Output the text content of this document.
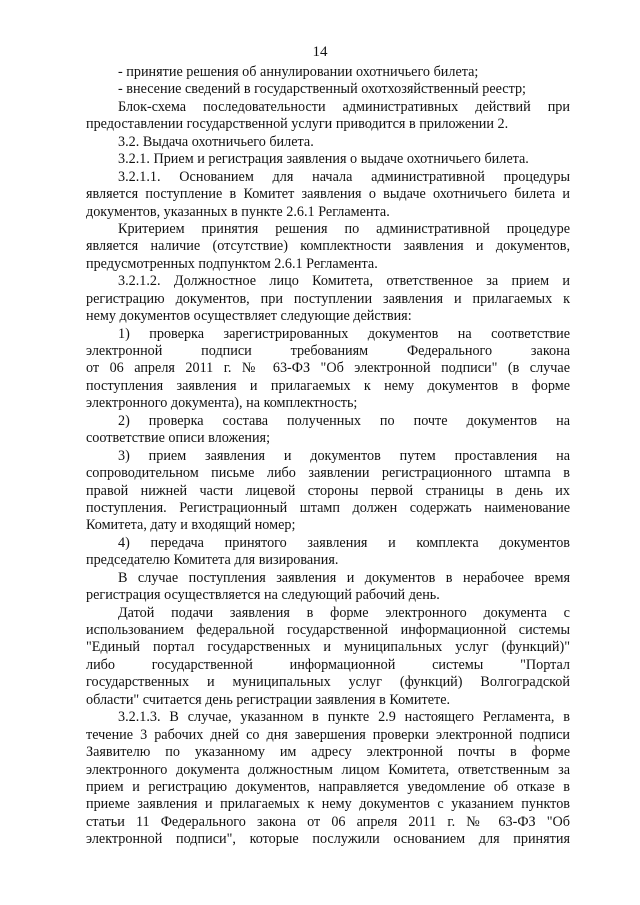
14
- принятие решения об аннулировании охотничьего билета;
- внесение сведений в государственный охотхозяйственный реестр;
Блок-схема последовательности административных действий при
предоставлении государственной услуги приводится в приложении 2.
3.2. Выдача охотничьего билета.
3.2.1. Прием и регистрация заявления о выдаче охотничьего билета.
3.2.1.1. Основанием для начала административной процедуры
является поступление в Комитет заявления о выдаче охотничьего билета и
документов, указанных в пункте 2.6.1 Регламента.
Критерием принятия решения по административной процедуре
является наличие (отсутствие) комплектности заявления и документов,
предусмотренных подпунктом 2.6.1 Регламента.
3.2.1.2. Должностное лицо Комитета, ответственное за прием и
регистрацию документов, при поступлении заявления и прилагаемых к
нему документов осуществляет следующие действия:
1) проверка зарегистрированных документов на соответствие
электронной подписи требованиям Федерального закона
от 06 апреля 2011 г. № 63-ФЗ "Об электронной подписи" (в случае
поступления заявления и прилагаемых к нему документов в форме
электронного документа), на комплектность;
2) проверка состава полученных по почте документов на
соответствие описи вложения;
3) прием заявления и документов путем проставления на
сопроводительном письме либо заявлении регистрационного штампа в
правой нижней части лицевой стороны первой страницы в день их
поступления. Регистрационный штамп должен содержать наименование
Комитета, дату и входящий номер;
4) передача принятого заявления и комплекта документов
председателю Комитета для визирования.
В случае поступления заявления и документов в нерабочее время
регистрация осуществляется на следующий рабочий день.
Датой подачи заявления в форме электронного документа с
использованием федеральной государственной информационной системы
"Единый портал государственных и муниципальных услуг (функций)"
либо государственной информационной системы "Портал
государственных и муниципальных услуг (функций) Волгоградской
области" считается день регистрации заявления в Комитете.
3.2.1.3. В случае, указанном в пункте 2.9 настоящего Регламента, в
течение 3 рабочих дней со дня завершения проверки электронной подписи
Заявителю по указанному им адресу электронной почты в форме
электронного документа должностным лицом Комитета, ответственным за
прием и регистрацию документов, направляется уведомление об отказе в
приеме заявления и прилагаемых к нему документов с указанием пунктов
статьи 11 Федерального закона от 06 апреля 2011 г. № 63-ФЗ "Об
электронной подписи", которые послужили основанием для принятия
